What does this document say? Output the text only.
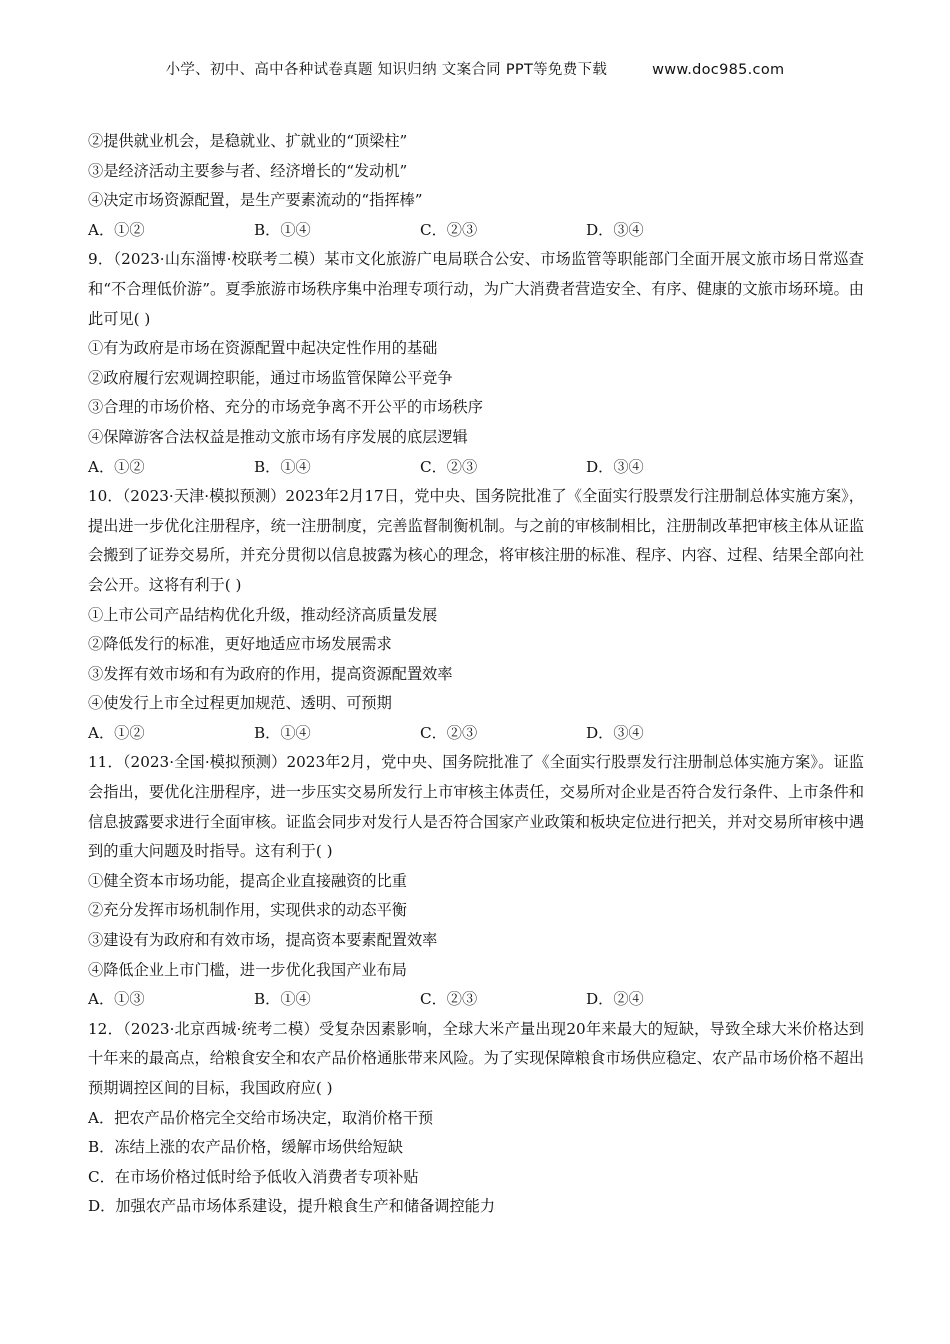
小学、初中、高中各种试卷真题 知识归纳 文案合同 PPT等免费下载	www.doc985.com
②提供就业机会，是稳就业、扩就业的“顶梁柱”
③是经济活动主要参与者、经济增长的“发动机”
④决定市场资源配置，是生产要素流动的“指挥棒”
A．①②	B．①④	C．②③	D．③④
9．（2023·山东淄博·校联考二模）某市文化旅游广电局联合公安、市场监管等职能部门全面开展文旅市场日常巡查和“不合理低价游”。夏季旅游市场秩序集中治理专项行动，为广大消费者营造安全、有序、健康的文旅市场环境。由此可见( )
①有为政府是市场在资源配置中起决定性作用的基础
②政府履行宏观调控职能，通过市场监管保障公平竞争
③合理的市场价格、充分的市场竞争离不开公平的市场秩序
④保障游客合法权益是推动文旅市场有序发展的底层逻辑
A．①②	B．①④	C．②③	D．③④
10．（2023·天津·模拟预测）2023年2月17日，党中央、国务院批准了《全面实行股票发行注册制总体实施方案》，提出进一步优化注册程序，统一注册制度，完善监督制衡机制。与之前的审核制相比，注册制改革把审核主体从证监会搬到了证券交易所，并充分贯彻以信息披露为核心的理念，将审核注册的标准、程序、内容、过程、结果全部向社会公开。这将有利于( )
①上市公司产品结构优化升级，推动经济高质量发展
②降低发行的标准，更好地适应市场发展需求
③发挥有效市场和有为政府的作用，提高资源配置效率
④使发行上市全过程更加规范、透明、可预期
A．①②	B．①④	C．②③	D．③④
11．（2023·全国·模拟预测）2023年2月，党中央、国务院批准了《全面实行股票发行注册制总体实施方案》。证监会指出，要优化注册程序，进一步压实交易所发行上市审核主体责任，交易所对企业是否符合发行条件、上市条件和信息披露要求进行全面审核。证监会同步对发行人是否符合国家产业政策和板块定位进行把关，并对交易所审核中遇到的重大问题及时指导。这有利于( )
①健全资本市场功能，提高企业直接融资的比重
②充分发挥市场机制作用，实现供求的动态平衡
③建设有为政府和有效市场，提高资本要素配置效率
④降低企业上市门槛，进一步优化我国产业布局
A．①③	B．①④	C．②③	D．②④
12．（2023·北京西城·统考二模）受复杂因素影响，全球大米产量出现20年来最大的短缺，导致全球大米价格达到十年来的最高点，给粮食安全和农产品价格通胀带来风险。为了实现保障粮食市场供应稳定、农产品市场价格不超出预期调控区间的目标，我国政府应( )
A．把农产品价格完全交给市场决定，取消价格干预
B．冻结上涨的农产品价格，缓解市场供给短缺
C．在市场价格过低时给予低收入消费者专项补贴
D．加强农产品市场体系建设，提升粮食生产和储备调控能力
